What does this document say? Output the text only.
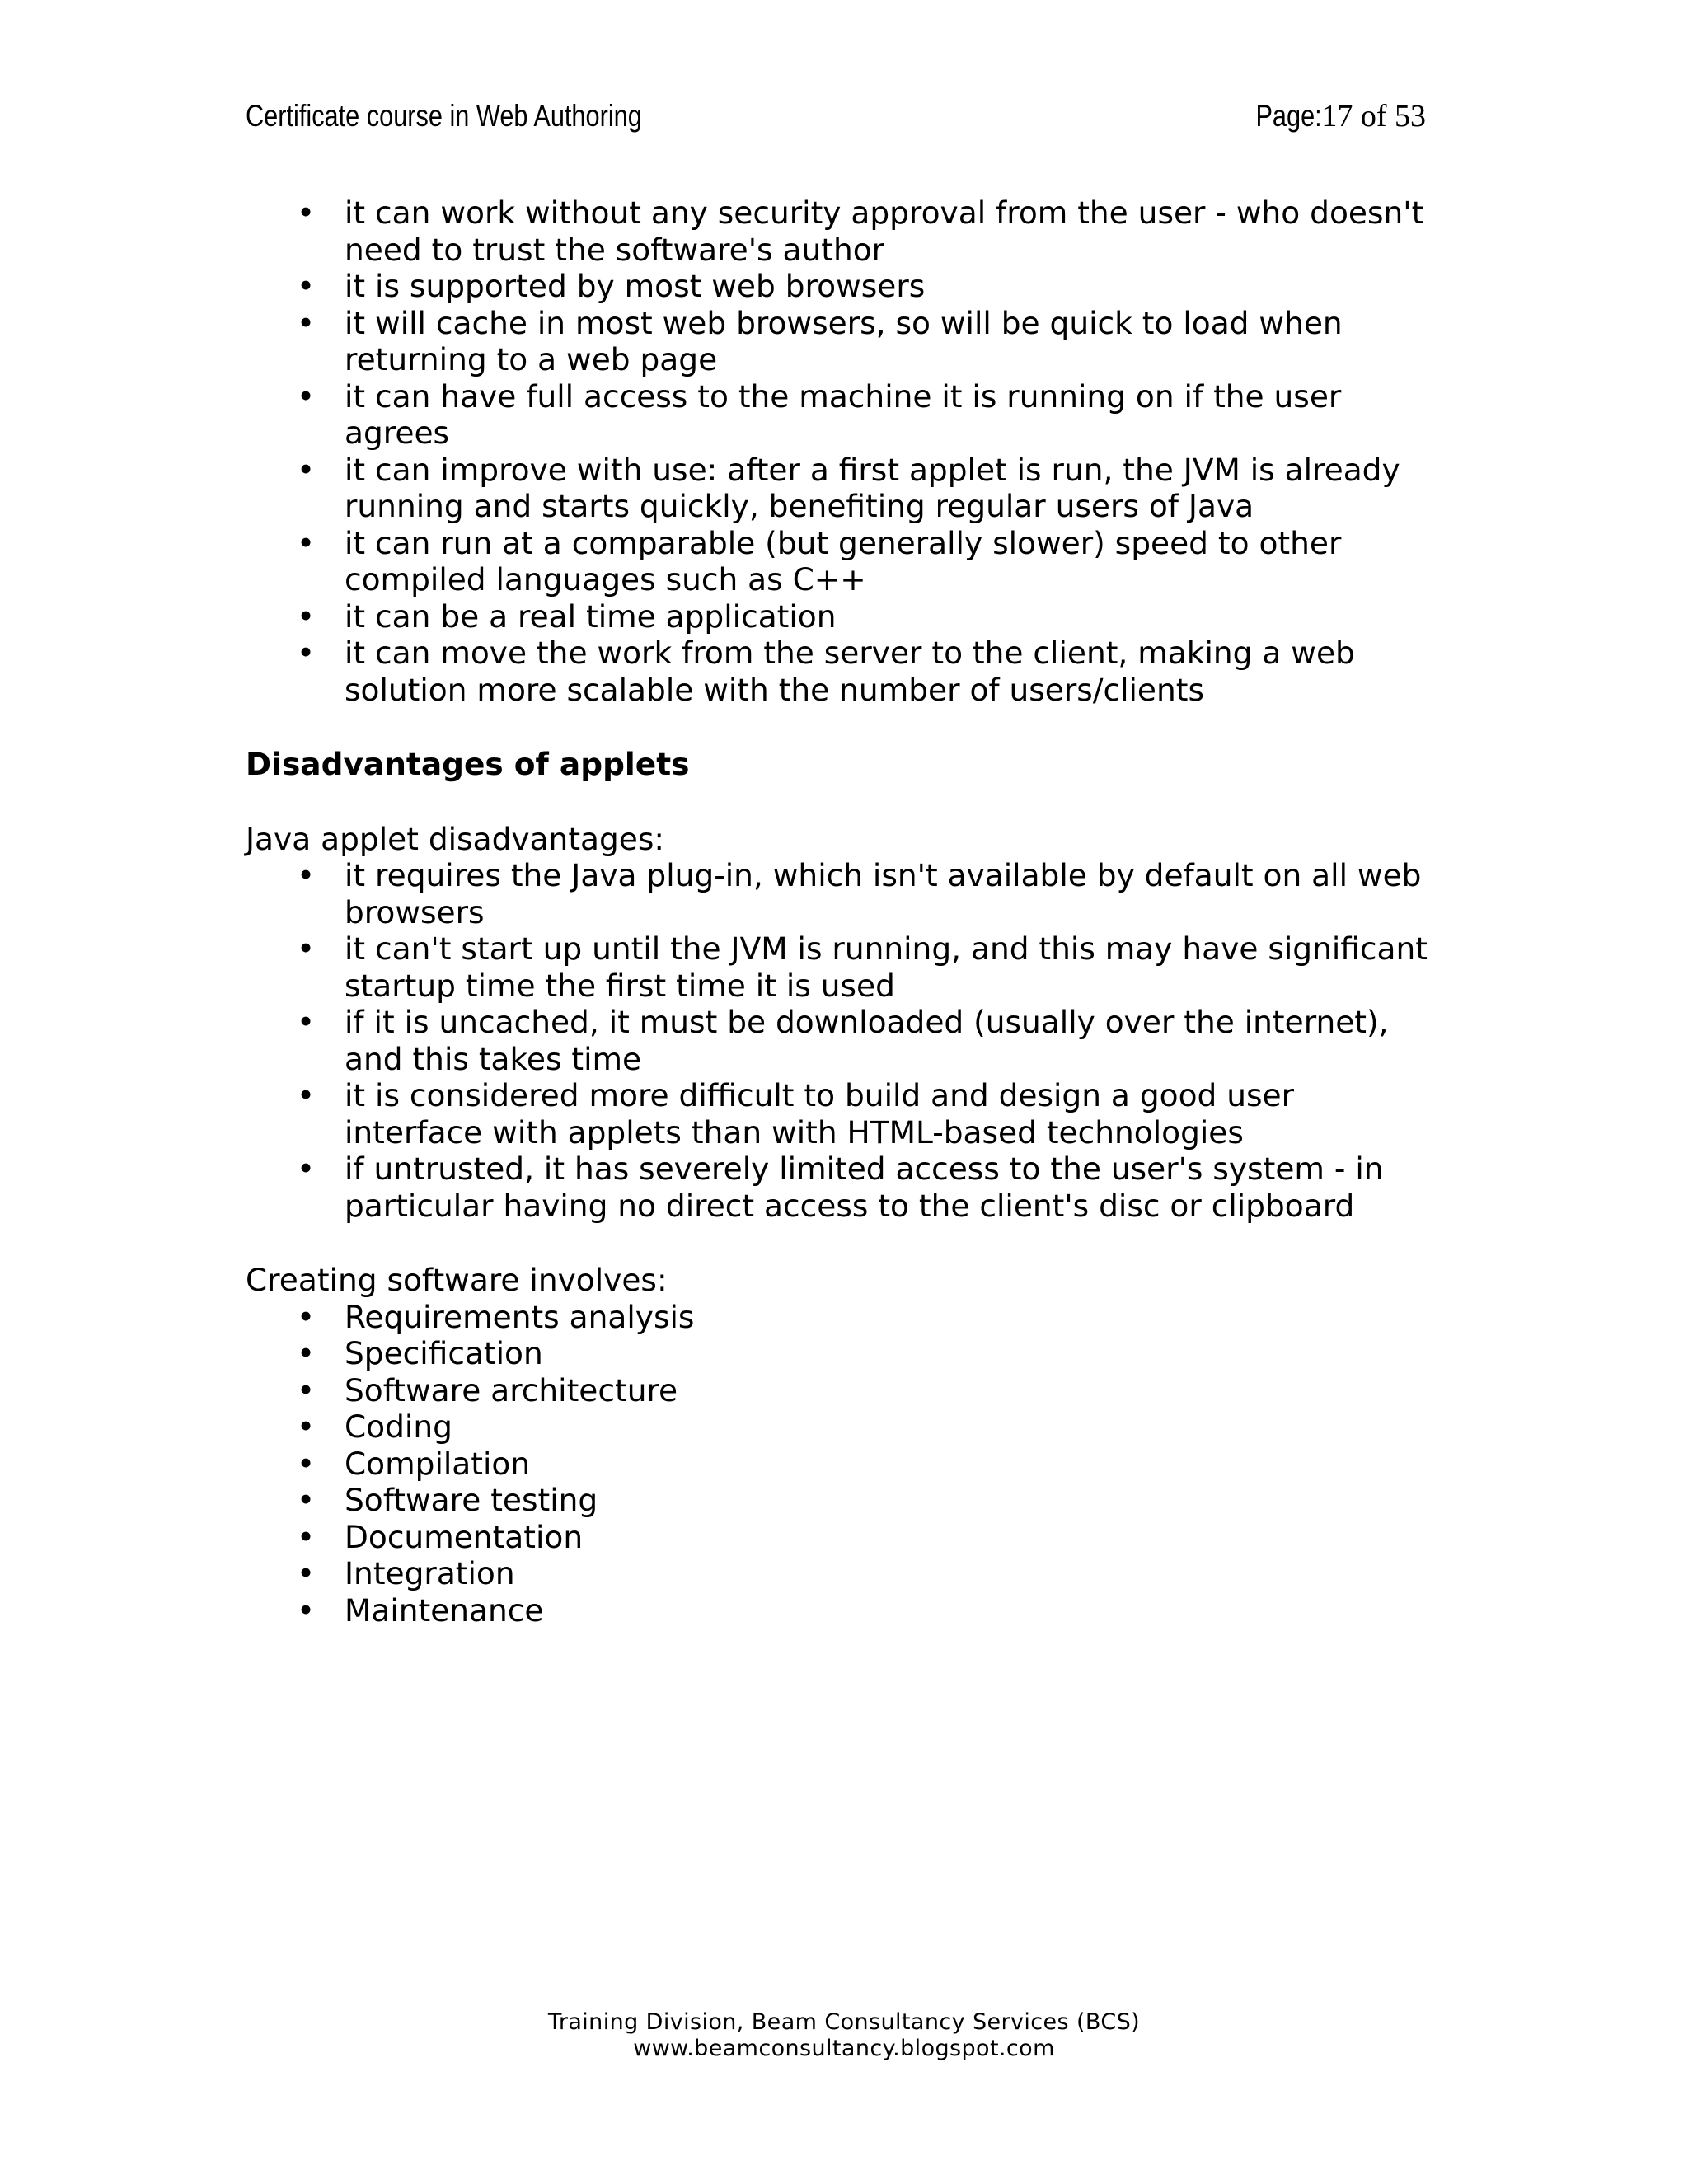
Certificate course in Web Authoring	Page:17 of 53
• it can work without any security approval from the user - who doesn't need to trust the software's author
• it is supported by most web browsers
• it will cache in most web browsers, so will be quick to load when returning to a web page
• it can have full access to the machine it is running on if the user agrees
• it can improve with use: after a first applet is run, the JVM is already running and starts quickly, benefiting regular users of Java
• it can run at a comparable (but generally slower) speed to other compiled languages such as C++
• it can be a real time application
• it can move the work from the server to the client, making a web solution more scalable with the number of users/clients
Disadvantages of applets
Java applet disadvantages:
• it requires the Java plug-in, which isn't available by default on all web browsers
• it can't start up until the JVM is running, and this may have significant startup time the first time it is used
• if it is uncached, it must be downloaded (usually over the internet), and this takes time
• it is considered more difficult to build and design a good user interface with applets than with HTML-based technologies
• if untrusted, it has severely limited access to the user's system - in particular having no direct access to the client's disc or clipboard
Creating software involves:
• Requirements analysis
• Specification
• Software architecture
• Coding
• Compilation
• Software testing
• Documentation
• Integration
• Maintenance
Training Division, Beam Consultancy Services (BCS)
www.beamconsultancy.blogspot.com
